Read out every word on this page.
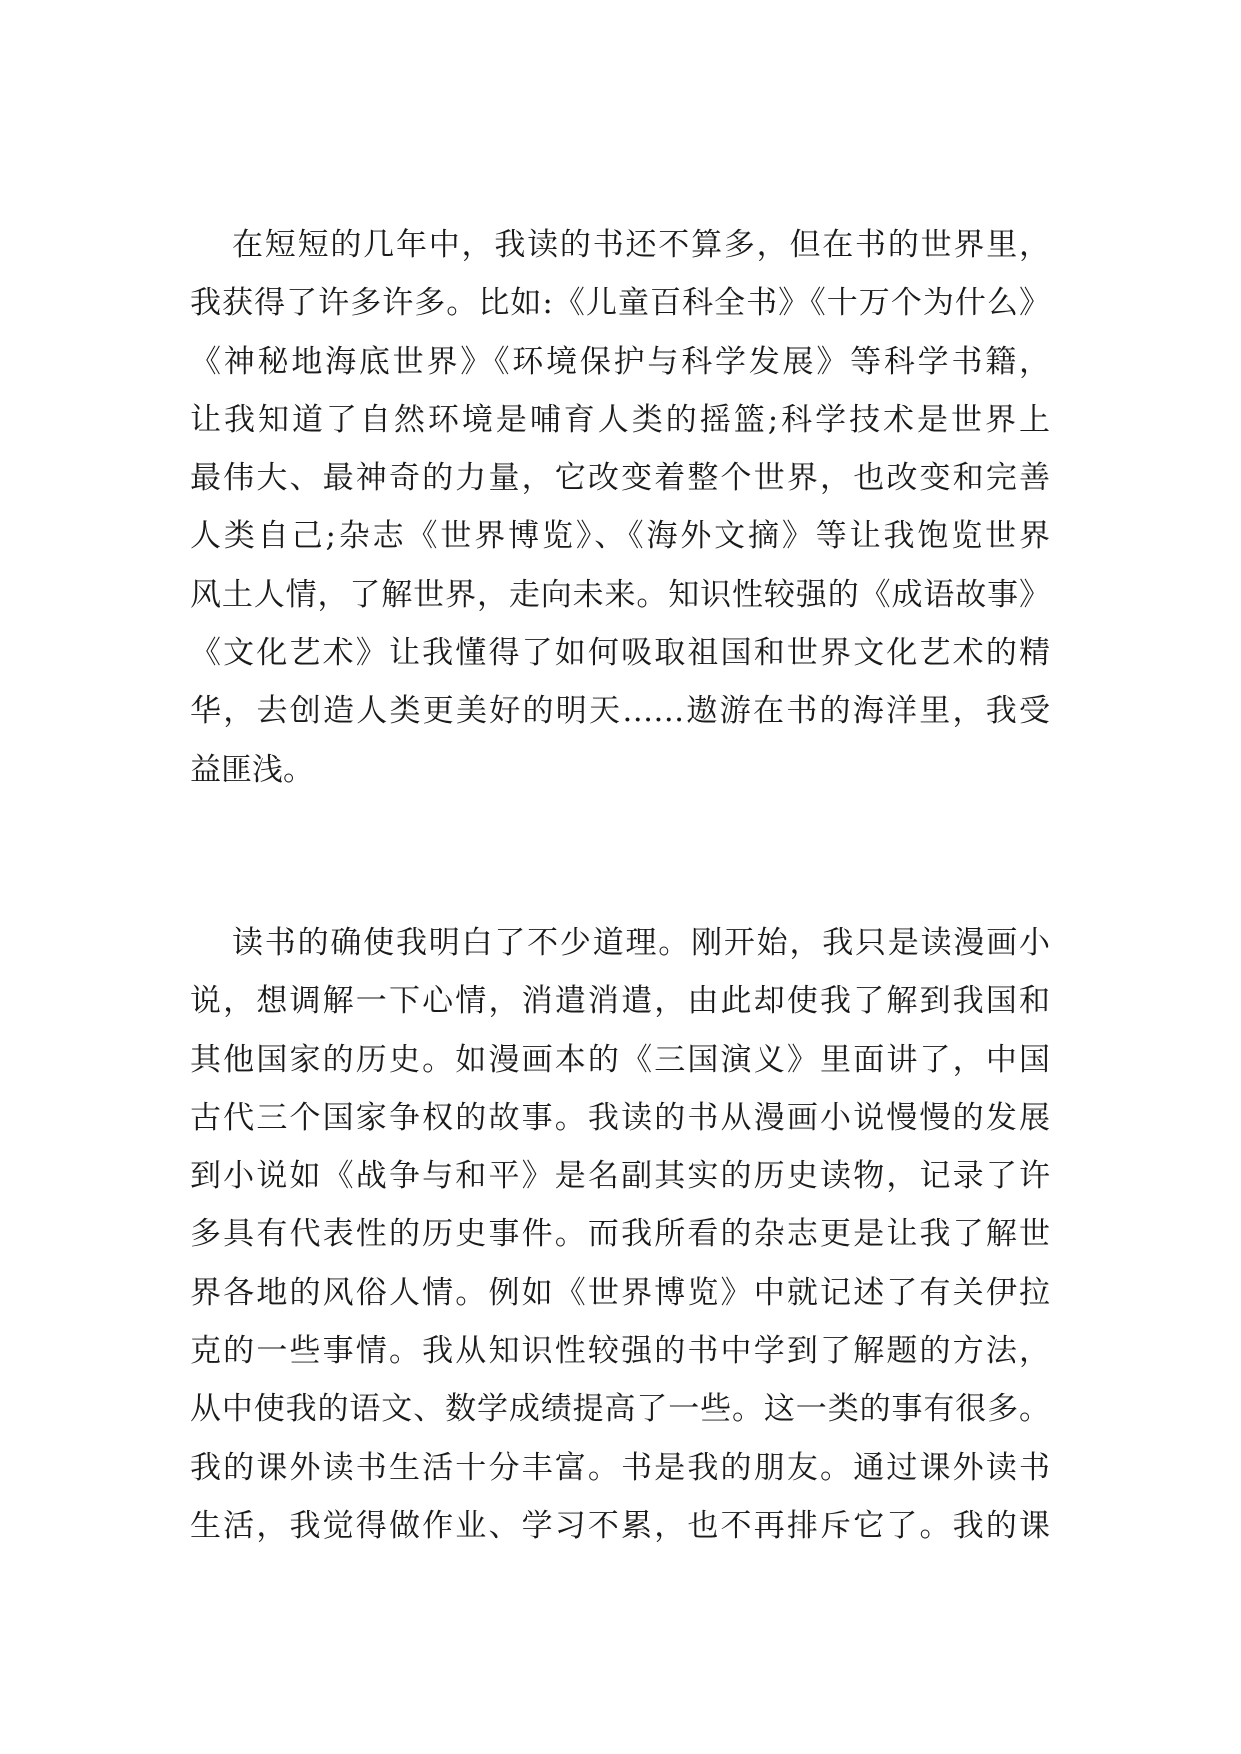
在短短的几年中，我读的书还不算多，但在书的世界里，
我获得了许多许多。比如:《儿童百科全书》《十万个为什么》
《神秘地海底世界》《环境保护与科学发展》等科学书籍，
让我知道了自然环境是哺育人类的摇篮;科学技术是世界上
最伟大、最神奇的力量，它改变着整个世界，也改变和完善
人类自己;杂志《世界博览》、《海外文摘》等让我饱览世界
风土人情，了解世界，走向未来。知识性较强的《成语故事》
《文化艺术》让我懂得了如何吸取祖国和世界文化艺术的精
华，去创造人类更美好的明天……遨游在书的海洋里，我受
益匪浅。
读书的确使我明白了不少道理。刚开始，我只是读漫画小
说，想调解一下心情，消遣消遣，由此却使我了解到我国和
其他国家的历史。如漫画本的《三国演义》里面讲了，中国
古代三个国家争权的故事。我读的书从漫画小说慢慢的发展
到小说如《战争与和平》是名副其实的历史读物，记录了许
多具有代表性的历史事件。而我所看的杂志更是让我了解世
界各地的风俗人情。例如《世界博览》中就记述了有关伊拉
克的一些事情。我从知识性较强的书中学到了解题的方法，
从中使我的语文、数学成绩提高了一些。这一类的事有很多。
我的课外读书生活十分丰富。书是我的朋友。通过课外读书
生活，我觉得做作业、学习不累，也不再排斥它了。我的课
